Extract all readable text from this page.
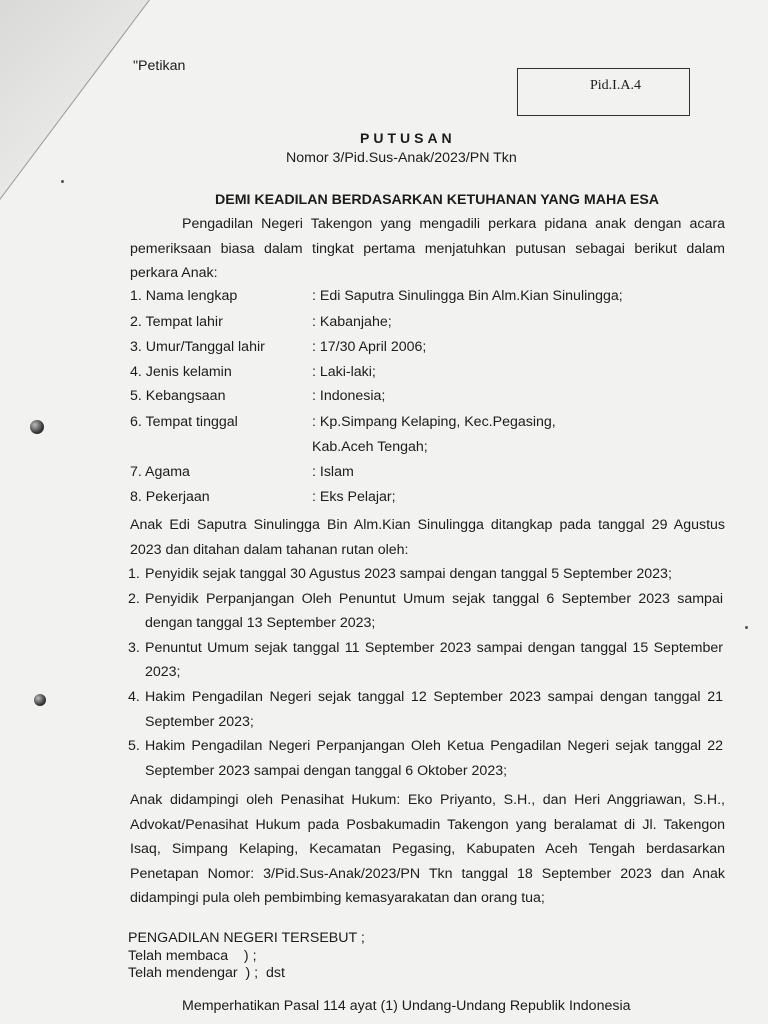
"Petikan
Pid.I.A.4
PUTUSAN
Nomor 3/Pid.Sus-Anak/2023/PN Tkn
DEMI KEADILAN BERDASARKAN KETUHANAN YANG MAHA ESA
Pengadilan Negeri Takengon yang mengadili perkara pidana anak dengan acara pemeriksaan biasa dalam tingkat pertama menjatuhkan putusan sebagai berikut dalam perkara Anak:
1. Nama lengkap	: Edi Saputra Sinulingga Bin Alm.Kian Sinulingga;
2. Tempat lahir	: Kabanjahe;
3. Umur/Tanggal lahir	: 17/30 April 2006;
4. Jenis kelamin	: Laki-laki;
5. Kebangsaan	: Indonesia;
6. Tempat tinggal	: Kp.Simpang Kelaping, Kec.Pegasing,
Kab.Aceh Tengah;
7. Agama	: Islam
8. Pekerjaan	: Eks Pelajar;
Anak Edi Saputra Sinulingga Bin Alm.Kian Sinulingga ditangkap pada tanggal 29 Agustus 2023 dan ditahan dalam tahanan rutan oleh:
1. Penyidik sejak tanggal 30 Agustus 2023 sampai dengan tanggal 5 September 2023;
2. Penyidik Perpanjangan Oleh Penuntut Umum sejak tanggal 6 September 2023 sampai dengan tanggal 13 September 2023;
3. Penuntut Umum sejak tanggal 11 September 2023 sampai dengan tanggal 15 September 2023;
4. Hakim Pengadilan Negeri sejak tanggal 12 September 2023 sampai dengan tanggal 21 September 2023;
5. Hakim Pengadilan Negeri Perpanjangan Oleh Ketua Pengadilan Negeri sejak tanggal 22 September 2023 sampai dengan tanggal 6 Oktober 2023;
Anak didampingi oleh Penasihat Hukum: Eko Priyanto, S.H., dan Heri Anggriawan, S.H., Advokat/Penasihat Hukum pada Posbakumadin Takengon yang beralamat di Jl. Takengon Isaq, Simpang Kelaping, Kecamatan Pegasing, Kabupaten Aceh Tengah berdasarkan Penetapan Nomor: 3/Pid.Sus-Anak/2023/PN Tkn tanggal 18 September 2023 dan Anak didampingi pula oleh pembimbing kemasyarakatan dan orang tua;
PENGADILAN NEGERI TERSEBUT ;
Telah membaca    ) ;
Telah mendengar  ) ;  dst
Memperhatikan Pasal 114 ayat (1) Undang-Undang Republik Indonesia
